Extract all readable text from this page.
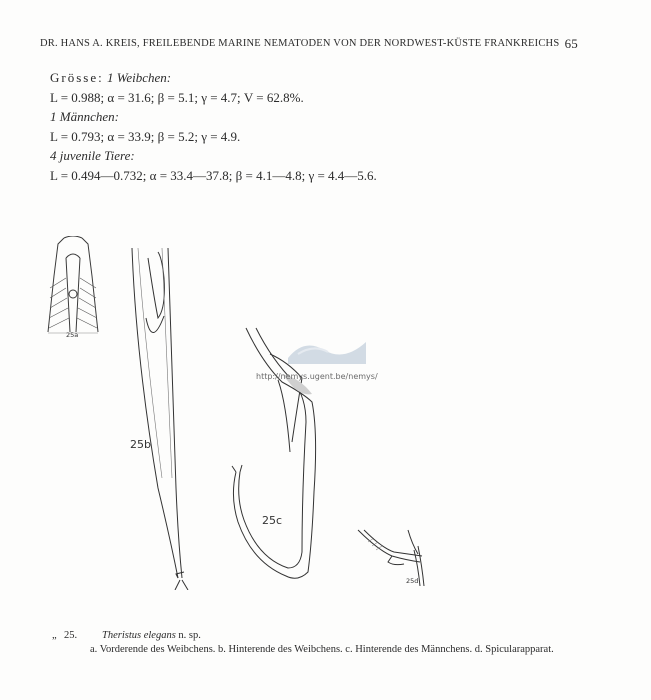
DR. HANS A. KREIS, FREILEBENDE MARINE NEMATODEN VON DER NORDWEST-KÜSTE FRANKREICHS 65
Grösse: 1 Weibchen:
L = 0.988; α = 31.6; β = 5.1; γ = 4.7; V = 62.8%.
1 Männchen:
L = 0.793; α = 33.9; β = 5.2; γ = 4.9.
4 juvenile Tiere:
L = 0.494—0.732; α = 33.4—37.8; β = 4.1—4.8; γ = 4.4—5.6.
25a
25b
25c
25d
http://nemys.ugent.be/nemys/
„ 25. Theristus elegans n. sp.
a. Vorderende des Weibchens. b. Hinterende des Weibchens. c. Hinterende des Männchens. d. Spicularapparat.
